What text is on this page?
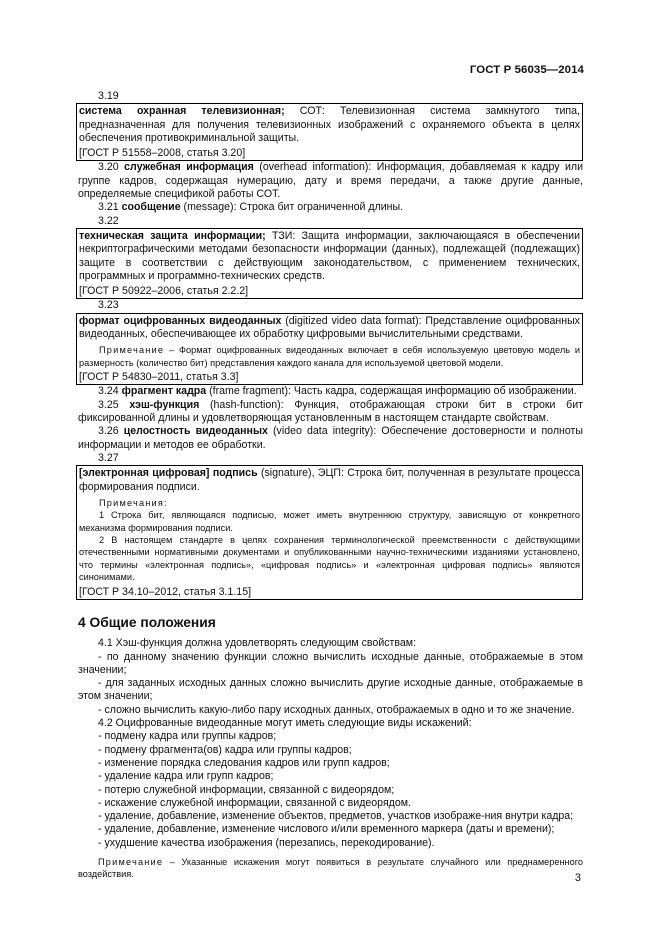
ГОСТ Р 56035—2014

3.19

система охранная телевизионная; СОТ: Телевизионная система замкнутого типа, предназначенная для получения телевизионных изображений с охраняемого объекта в целях обеспечения противокриминальной защиты.

[ГОСТ Р 51558–2008, статья 3.20]

3.20 служебная информация (overhead information): Информация, добавляемая к кадру или группе кадров, содержащая нумерацию, дату и время передачи, а также другие данные, определяемые спецификой работы СОТ.

3.21 сообщение (message): Строка бит ограниченной длины.

3.22

техническая защита информации; ТЗИ: Защита информации, заключающаяся в обеспечении некриптографическими методами безопасности информации (данных), подлежащей (подлежащих) защите в соответствии с действующим законодательством, с применением технических, программных и программно-технических средств.

[ГОСТ Р 50922–2006, статья 2.2.2]

3.23

формат оцифрованных видеоданных (digitized video data format): Представление оцифрованных видеоданных, обеспечивающее их обработку цифровыми вычислительными средствами.

Примечание – Формат оцифрованных видеоданных включает в себя используемую цветовую модель и размерность (количество бит) представления каждого канала для используемой цветовой модели.

[ГОСТ Р 54830–2011, статья 3.3]

3.24 фрагмент кадра (frame fragment): Часть кадра, содержащая информацию об изображении.

3.25 хэш-функция (hash-function): Функция, отображающая строки бит в строки бит фиксированной длины и удовлетворяющая установленным в настоящем стандарте свойствам.

3.26 целостность видеоданных (video data integrity): Обеспечение достоверности и полноты информации и методов ее обработки.

3.27

[электронная цифровая] подпись (signature), ЭЦП: Строка бит, полученная в результате процесса формирования подписи.

Примечания:

1 Строка бит, являющаяся подписью, может иметь внутреннюю структуру, зависящую от конкретного механизма формирования подписи.

2 В настоящем стандарте в целях сохранения терминологической преемственности с действующими отечественными нормативными документами и опубликованными научно-техническими изданиями установлено, что термины «электронная подпись», «цифровая подпись» и «электронная цифровая подпись» являются синонимами.

[ГОСТ Р 34.10–2012, статья 3.1.15]

4 Общие положения

4.1 Хэш-функция должна удовлетворять следующим свойствам:

- по данному значению функции сложно вычислить исходные данные, отображаемые в этом значении;

- для заданных исходных данных сложно вычислить другие исходные данные, отображаемые в этом значении;

- сложно вычислить какую-либо пару исходных данных, отображаемых в одно и то же значение.

4.2 Оцифрованные видеоданные могут иметь следующие виды искажений:

- подмену кадра или группы кадров;

- подмену фрагмента(ов) кадра или группы кадров;

- изменение порядка следования кадров или групп кадров;

- удаление кадра или групп кадров;

- потерю служебной информации, связанной с видеорядом;

- искажение служебной информации, связанной с видеорядом.

- удаление, добавление, изменение объектов, предметов, участков изображе-ния внутри кадра;

- удаление, добавление, изменение числового и/или временного маркера (даты и времени);

- ухудшение качества изображения (перезапись, перекодирование).

Примечание – Указанные искажения могут появиться в результате случайного или преднамеренного воздействия.	3
